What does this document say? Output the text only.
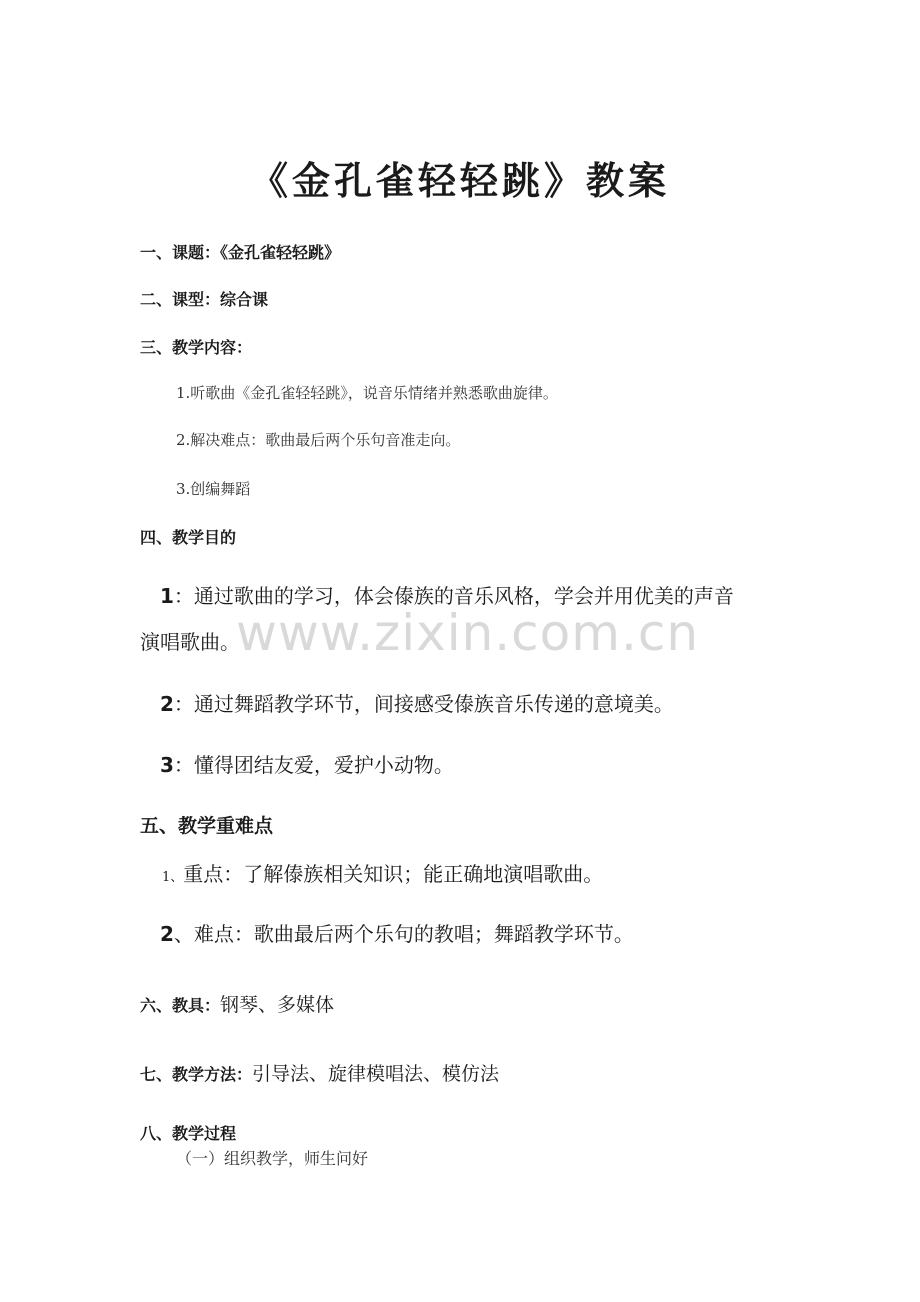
《金孔雀轻轻跳》教案
一、课题：《金孔雀轻轻跳》
二、课型：综合课
三、教学内容：
1.听歌曲《金孔雀轻轻跳》，说音乐情绪并熟悉歌曲旋律。
2.解决难点：歌曲最后两个乐句音准走向。
3.创编舞蹈
四、教学目的
1：通过歌曲的学习，体会傣族的音乐风格，学会并用优美的声音
演唱歌曲。
2：通过舞蹈教学环节，间接感受傣族音乐传递的意境美。
3：懂得团结友爱，爱护小动物。
五、教学重难点
1、重点：了解傣族相关知识；能正确地演唱歌曲。
2、难点：歌曲最后两个乐句的教唱；舞蹈教学环节。
六、教具：钢琴、多媒体
七、教学方法：引导法、旋律模唱法、模仿法
八、教学过程
（一）组织教学，师生问好
www.zixin.com.cn
